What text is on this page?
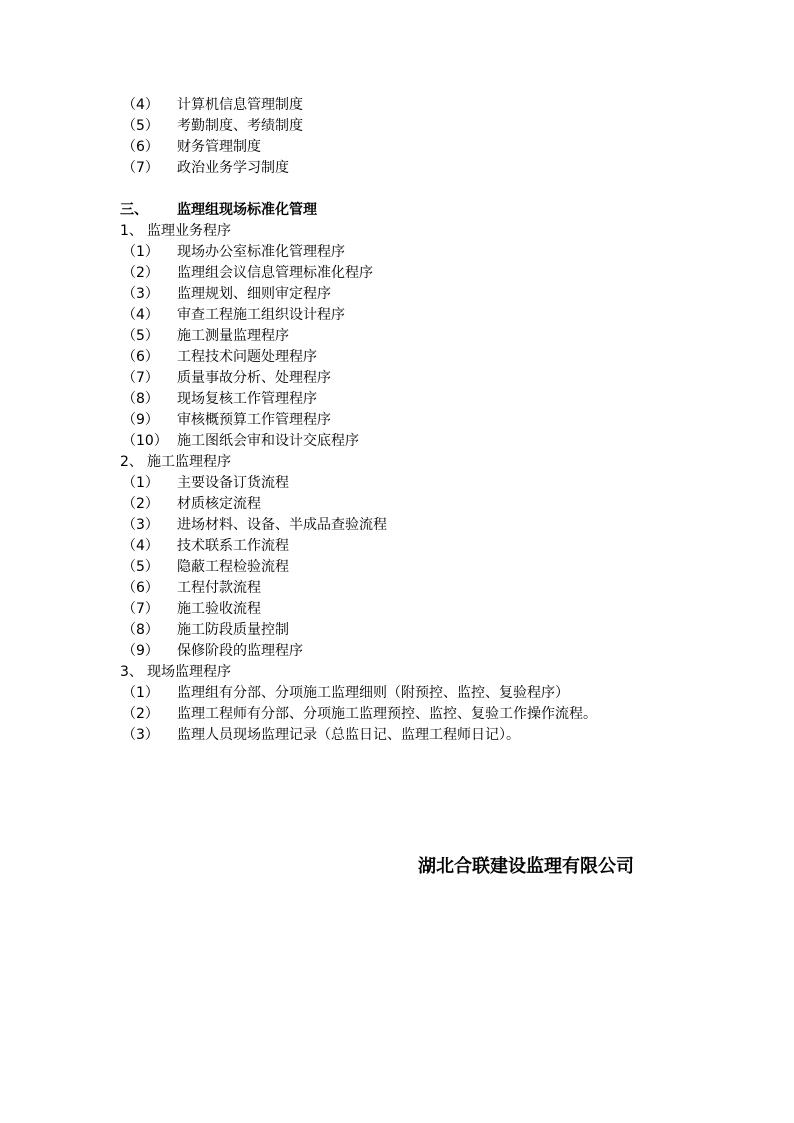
（4） 计算机信息管理制度
（5） 考勤制度、考绩制度
（6） 财务管理制度
（7） 政治业务学习制度
三、 监理组现场标准化管理
1、 监理业务程序
（1） 现场办公室标准化管理程序
（2） 监理组会议信息管理标准化程序
（3） 监理规划、细则审定程序
（4） 审查工程施工组织设计程序
（5） 施工测量监理程序
（6） 工程技术问题处理程序
（7） 质量事故分析、处理程序
（8） 现场复核工作管理程序
（9） 审核概预算工作管理程序
（10） 施工图纸会审和设计交底程序
2、 施工监理程序
（1） 主要设备订货流程
（2） 材质核定流程
（3） 进场材料、设备、半成品查验流程
（4） 技术联系工作流程
（5） 隐蔽工程检验流程
（6） 工程付款流程
（7） 施工验收流程
（8） 施工防段质量控制
（9） 保修阶段的监理程序
3、 现场监理程序
（1） 监理组有分部、分项施工监理细则（附预控、监控、复验程序）
（2） 监理工程师有分部、分项施工监理预控、监控、复验工作操作流程。
（3） 监理人员现场监理记录（总监日记、监理工程师日记）。
湖北合联建设监理有限公司
